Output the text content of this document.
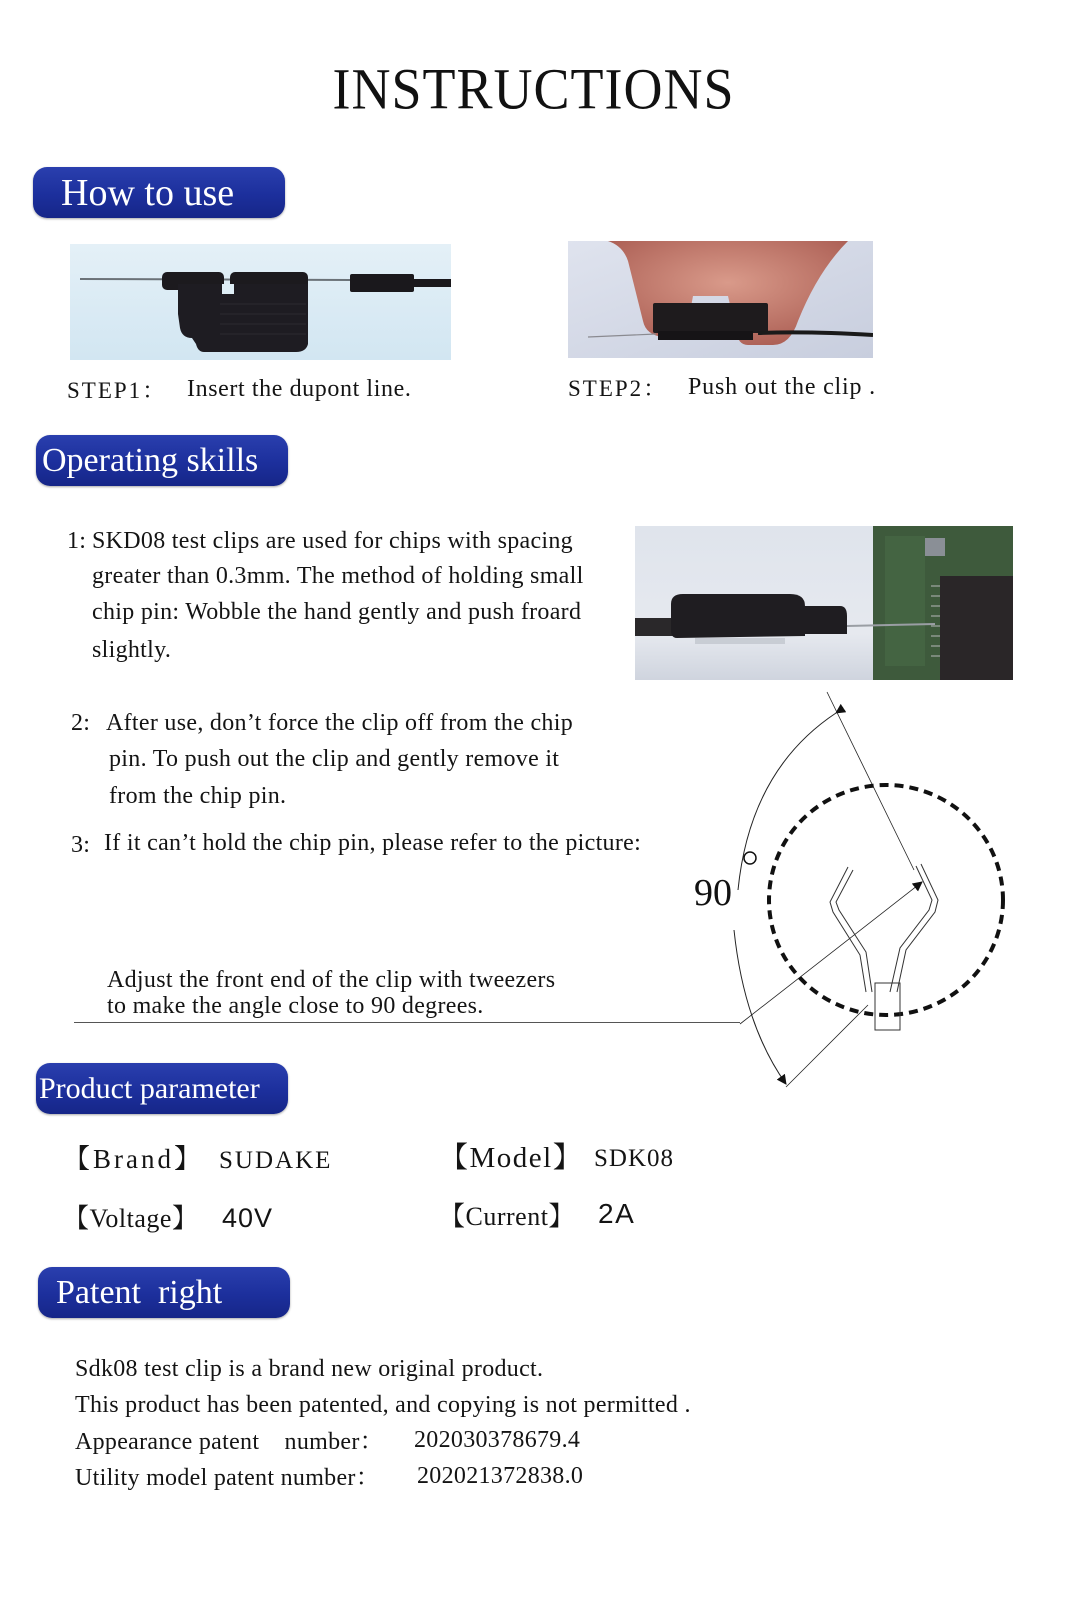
INSTRUCTIONS
How to use
STEP1： Insert the dupont line.	STEP2： Push out the clip .
Operating skills
1: SKD08 test clips are used for chips with spacing
greater than 0.3mm. The method of holding small
chip pin: Wobble the hand gently and push froard
slightly.
2: After use, don’t force the clip off from the chip
pin. To push out the clip and gently remove it
from the chip pin.
3: If it can’t hold the chip pin, please refer to the picture:
Adjust the front end of the clip with tweezers
to make the angle close to 90 degrees.
90
Product parameter
【Brand】 SUDAKE	【Model】 SDK08
【Voltage】 40V	【Current】 2A
Patent  right
Sdk08 test clip is a brand new original product.
This product has been patented, and copying is not permitted .
Appearance patent    number： 202030378679.4
Utility model patent number： 202021372838.0
